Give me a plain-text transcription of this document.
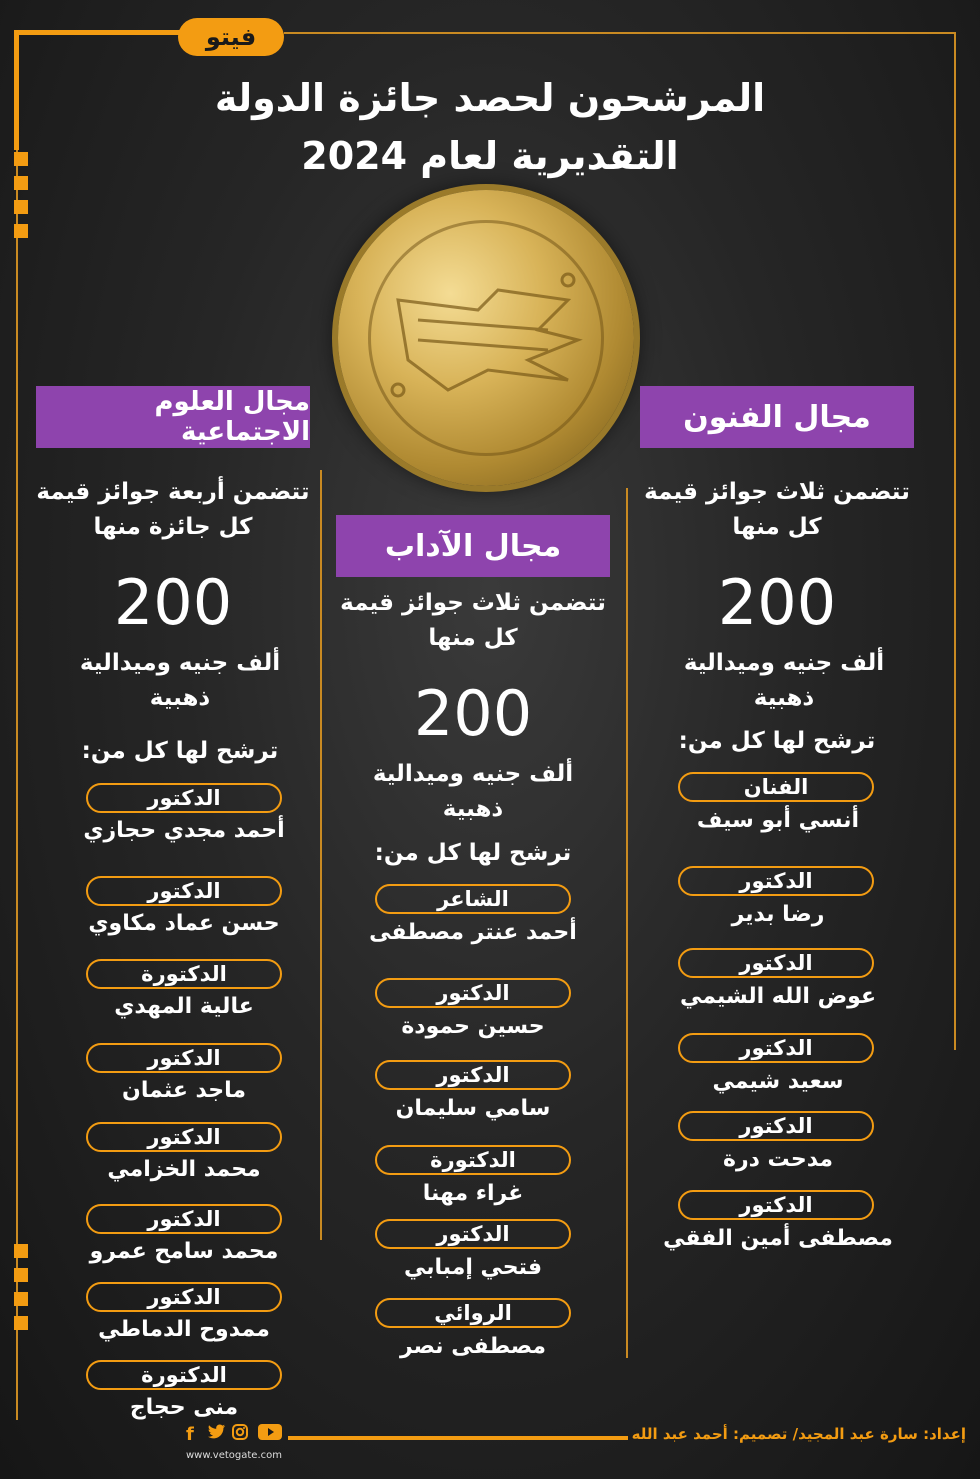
فيتو
المرشحون لحصد جائزة الدولة
التقديرية لعام 2024
مجال الفنون
تتضمن ثلاث جوائز قيمة
كل منها
200
ألف جنيه وميدالية
ذهبية
ترشح لها كل من:
الفنان
أنسي أبو سيف
الدكتور
رضا بدير
الدكتور
عوض الله الشيمي
الدكتور
سعيد شيمي
الدكتور
مدحت درة
الدكتور
مصطفى أمين الفقي
مجال الآداب
تتضمن ثلاث جوائز قيمة
كل منها
200
ألف جنيه وميدالية
ذهبية
ترشح لها كل من:
الشاعر
أحمد عنتر مصطفى
الدكتور
حسين حمودة
الدكتور
سامي سليمان
الدكتورة
غراء مهنا
الدكتور
فتحي إمبابي
الروائي
مصطفى نصر
مجال العلوم الاجتماعية
تتضمن أربعة جوائز قيمة
كل جائزة منها
200
ألف جنيه وميدالية
ذهبية
ترشح لها كل من:
الدكتور
أحمد مجدي حجازي
الدكتور
حسن عماد مكاوي
الدكتورة
عالية المهدي
الدكتور
ماجد عثمان
الدكتور
محمد الخزامي
الدكتور
محمد سامح عمرو
الدكتور
ممدوح الدماطي
الدكتورة
منى حجاج
f
www.vetogate.com
إعداد: سارة عبد المجيد/ تصميم: أحمد عبد الله
